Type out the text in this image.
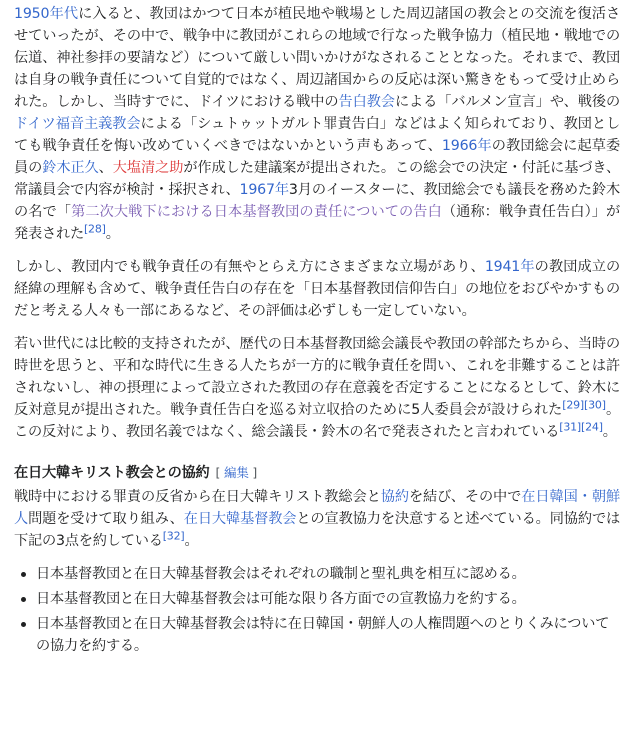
1950年代に入ると、教団はかつて日本が植民地や戦場とした周辺諸国の教会との交流を復活させていったが、その中で、戦争中に教団がこれらの地域で行なった戦争協力（植民地・戦地での伝道、神社参拝の要請など）について厳しい問いかけがなされることとなった。それまで、教団は自身の戦争責任について自覚的ではなく、周辺諸国からの反応は深い驚きをもって受け止められた。しかし、当時すでに、ドイツにおける戦中の告白教会による「バルメン宣言」や、戦後のドイツ福音主義教会による「シュトゥットガルト罪責告白」などはよく知られており、教団としても戦争責任を悔い改めていくべきではないかという声もあって、1966年の教団総会に起草委員の鈴木正久、大塩清之助が作成した建議案が提出された。この総会での決定・付託に基づき、常議員会で内容が検討・採択され、1967年3月のイースターに、教団総会でも議長を務めた鈴木の名で「第二次大戦下における日本基督教団の責任についての告白（通称：戦争責任告白）」が発表された[28]。

しかし、教団内でも戦争責任の有無やとらえ方にさまざまな立場があり、1941年の教団成立の経緯の理解も含めて、戦争責任告白の存在を「日本基督教団信仰告白」の地位をおびやかすものだと考える人々も一部にあるなど、その評価は必ずしも一定していない。

若い世代には比較的支持されたが、歴代の日本基督教団総会議長や教団の幹部たちから、当時の時世を思うと、平和な時代に生きる人たちが一方的に戦争責任を問い、これを非難することは許されないし、神の摂理によって設立された教団の存在意義を否定することになるとして、鈴木に反対意見が提出された。戦争責任告白を巡る対立収拾のために5人委員会が設けられた[29][30]。この反対により、教団名義ではなく、総会議長・鈴木の名で発表されたと言われている[31][24]。

在日大韓キリスト教会との協約 [ 編集 ]

戦時中における罪責の反省から在日大韓キリスト教総会と協約を結び、その中で在日韓国・朝鮮人問題を受けて取り組み、在日大韓基督教会との宣教協力を決意すると述べている。同協約では下記の3点を約している[32]。

日本基督教団と在日大韓基督教会はそれぞれの職制と聖礼典を相互に認める。
日本基督教団と在日大韓基督教会は可能な限り各方面での宣教協力を約する。
日本基督教団と在日大韓基督教会は特に在日韓国・朝鮮人の人権問題へのとりくみについての協力を約する。
